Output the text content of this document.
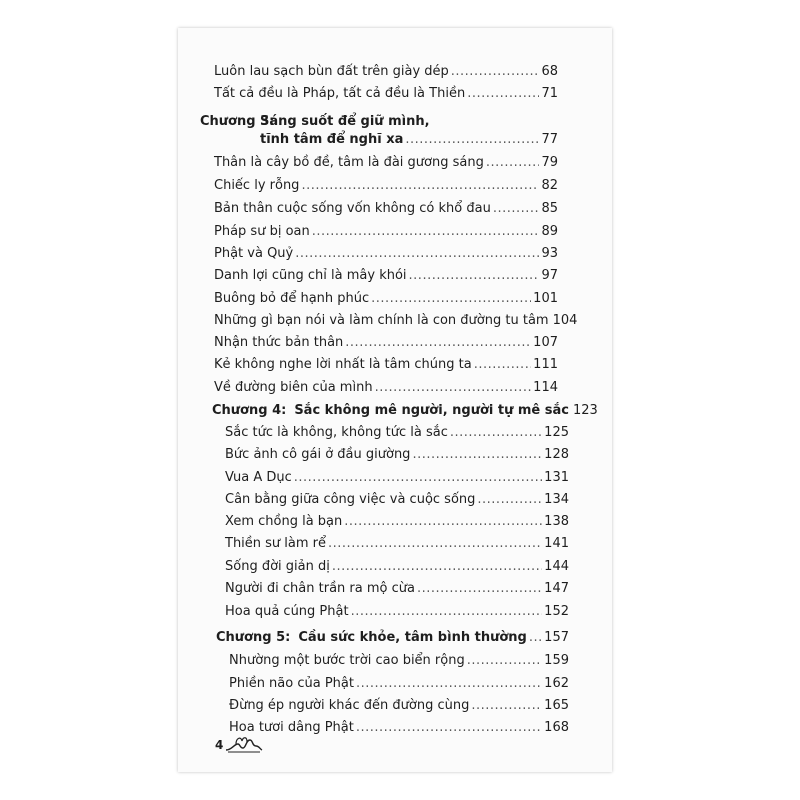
Luôn lau sạch bùn đất trên giày dép .....	68
Tất cả đều là Pháp, tất cả đều là Thiền .....	71
Chương 3:
Sáng suốt để giữ mình,
tĩnh tâm để nghĩ xa .....	77
Thân là cây bồ đề, tâm là đài gương sáng .....	79
Chiếc ly rỗng .....	82
Bản thân cuộc sống vốn không có khổ đau .....	85
Pháp sư bị oan .....	89
Phật và Quỷ .....	93
Danh lợi cũng chỉ là mây khói .....	97
Buông bỏ để hạnh phúc .....	101
Những gì bạn nói và làm chính là con đường tu tâm 104
Nhận thức bản thân .....	107
Kẻ không nghe lời nhất là tâm chúng ta .....	111
Về đường biên của mình .....	114
Chương 4: Sắc không mê người, người tự mê sắc 123
Sắc tức là không, không tức là sắc .....	125
Bức ảnh cô gái ở đầu giường .....	128
Vua A Dục .....	131
Cân bằng giữa công việc và cuộc sống .....	134
Xem chồng là bạn .....	138
Thiền sư làm rể .....	141
Sống đời giản dị .....	144
Người đi chân trần ra mộ cừa .....	147
Hoa quả cúng Phật .....	152
Chương 5: Cầu sức khỏe, tâm bình thường ..... 157
Nhường một bước trời cao biển rộng .....	159
Phiền não của Phật .....	162
Đừng ép người khác đến đường cùng .....	165
Hoa tươi dâng Phật .....	168
4
